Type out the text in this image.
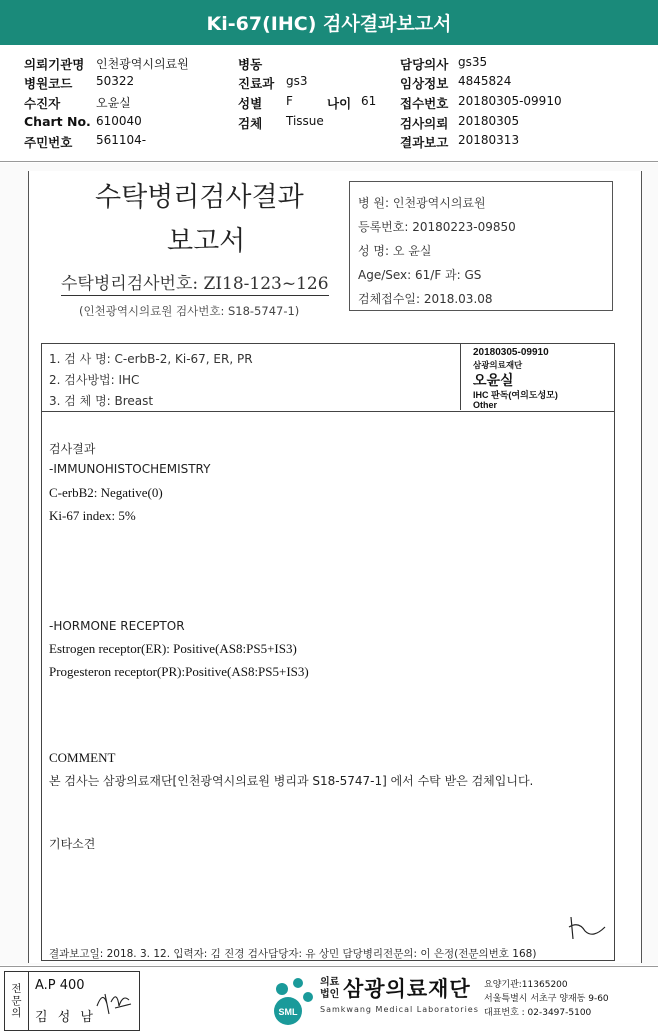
Ki-67(IHC) 검사결과보고서
의뢰기관명 인천광역시의료원
병원코드 50322
수진자	오윤실
Chart No. 610040
주민번호 561104-
병동
진료과 gs3
성별 F	나이 61
검체 Tissue
담당의사 gs35
임상정보 4845824
접수번호 20180305-09910
검사의뢰 20180305
결과보고 20180313
수탁병리검사결과
보고서
수탁병리검사번호: ZI18-123~126
(인천광역시의료원 검사번호: S18-5747-1)
병 원: 인천광역시의료원
등록번호: 20180223-09850
성 명: 오 윤실
Age/Sex: 61/F 과: GS
검체접수일: 2018.03.08
1. 검 사 명: C-erbB-2, Ki-67, ER, PR
2. 검사방법: IHC
3. 검 체 명: Breast
20180305-09910
삼광의료재단
오윤실
IHC 판독(여의도성모)
Other
검사결과
-IMMUNOHISTOCHEMISTRY
C-erbB2: Negative(0)
Ki-67 index: 5%
-HORMONE RECEPTOR
Estrogen receptor(ER): Positive(AS8:PS5+IS3)
Progesteron receptor(PR):Positive(AS8:PS5+IS3)
COMMENT
본 검사는 삼광의료재단[인천광역시의료원 병리과 S18-5747-1] 에서 수탁 받은 검체입니다.
기타소견
결과보고일: 2018. 3. 12. 입력자: 김 진경 검사담당자: 유 상민 담당병리전문의: 이 은정(전문의번호 168)
전
문
의
A.P 400
김 성 남	SML
의료
법인 삼광의료재단
Samkwang Medical Laboratories
요양기관:11365200
서울특별시 서초구 양재동 9-60
대표번호 : 02-3497-5100
